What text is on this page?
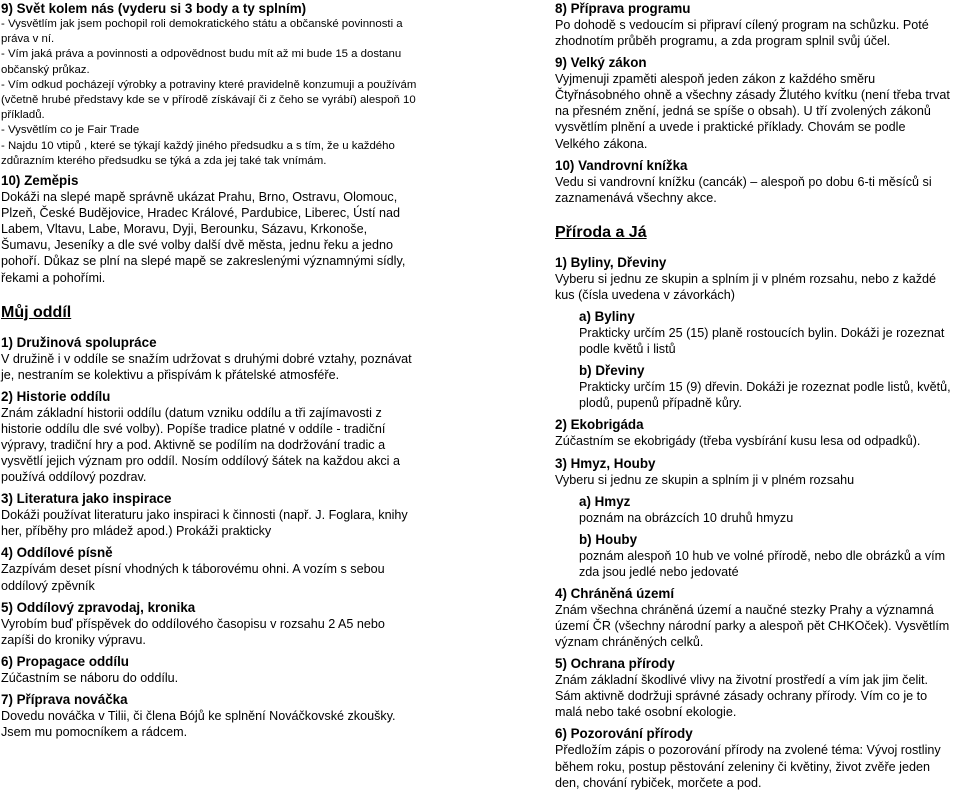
9) Svět kolem nás (vyderu si 3 body a ty splním)

- Vysvětlím jak jsem pochopil roli demokratického státu a občanské povinnosti a práva v ní.

- Vím jaká práva a povinnosti a odpovědnost budu mít až mi bude 15 a dostanu občanský průkaz.

- Vím odkud pocházejí výrobky a potraviny které pravidelně konzumuji a používám (včetně hrubé představy kde se v přírodě získávají či z čeho se vyrábí) alespoň 10 příkladů.

- Vysvětlím co je Fair Trade

- Najdu 10 vtipů , které se týkají každý jiného předsudku a s tím, že u každého zdůrazním kterého předsudku se týká a zda jej také tak vnímám.

10) Zeměpis

Dokáži na slepé mapě správně ukázat Prahu, Brno, Ostravu, Olomouc, Plzeň, České Budějovice, Hradec Králové, Pardubice, Liberec, Ústí nad Labem, Vltavu, Labe, Moravu, Dyji, Berounku, Sázavu, Krkonoše, Šumavu, Jeseníky a dle své volby další dvě města, jednu řeku a jedno pohoří. Důkaz se plní na slepé mapě se zakreslenými významnými sídly, řekami a pohořími.

Můj oddíl

1) Družinová spolupráce

V družině i v oddíle se snažím udržovat s druhými dobré vztahy, poznávat je, nestraním se kolektivu a přispívám k přátelské atmosféře.

2) Historie oddílu

Znám základní historii oddílu (datum vzniku oddílu a tři zajímavosti z historie oddílu dle své volby). Popíše tradice platné v oddíle - tradiční výpravy, tradiční hry a pod. Aktivně se podílím na dodržování tradic a vysvětlí jejich význam pro oddíl. Nosím oddílový šátek na každou akci a používá oddílový pozdrav.

3) Literatura jako inspirace

Dokáži používat literaturu jako inspiraci k činnosti (např. J. Foglara, knihy her, příběhy pro mládež apod.) Prokáži prakticky

4) Oddílové písně

Zazpívám deset písní vhodných k táborovému ohni. A vozím s sebou oddílový zpěvník

5) Oddílový zpravodaj, kronika

Vyrobím buď příspěvek do oddílového časopisu v rozsahu 2 A5 nebo zapíši do kroniky výpravu.

6) Propagace oddílu

Zúčastním se náboru do oddílu.

7) Příprava nováčka

Dovedu nováčka v Tilii, či člena Bójů ke splnění Nováčkovské zkoušky. Jsem mu pomocníkem a rádcem.

8) Příprava programu

Po dohodě s vedoucím si připraví cílený program na schůzku. Poté zhodnotím průběh programu, a zda program splnil svůj účel.

9) Velký zákon

Vyjmenuji zpaměti alespoň jeden zákon z každého směru Čtyřnásobného ohně a všechny zásady Žlutého kvítku (není třeba trvat na přesném znění, jedná se spíše o obsah). U tří zvolených zákonů vysvětlím plnění a uvede i praktické příklady. Chovám se podle Velkého zákona.

10) Vandrovní knížka

Vedu si vandrovní knížku (cancák) – alespoň po dobu 6-ti měsíců si zaznamenává všechny akce.

Příroda a Já

1) Byliny, Dřeviny

Vyberu si jednu ze skupin a splním ji v plném rozsahu, nebo z každé kus (čísla uvedena v závorkách)

a) Byliny

Prakticky určím 25 (15) planě rostoucích bylin. Dokáži je rozeznat podle květů i listů

b) Dřeviny

Prakticky určím 15 (9) dřevin. Dokáži je rozeznat podle listů, květů, plodů, pupenů případně kůry.

2) Ekobrigáda

Zúčastním se ekobrigády (třeba vysbírání kusu lesa od odpadků).

3) Hmyz, Houby

Vyberu si jednu ze skupin a splním ji v plném rozsahu

a) Hmyz

poznám na obrázcích 10 druhů hmyzu

b) Houby

poznám alespoň 10 hub ve volné přírodě, nebo dle obrázků a vím zda jsou jedlé nebo jedovaté

4) Chráněná území

Znám všechna chráněná území a naučné stezky Prahy a významná území ČR (všechny národní parky a alespoň pět CHKOček). Vysvětlím význam chráněných celků.

5) Ochrana přírody

Znám základní škodlivé vlivy na životní prostředí a vím jak jim čelit. Sám aktivně dodržuji správné zásady ochrany přírody. Vím co je to malá nebo také osobní ekologie.

6) Pozorování přírody

Předložím zápis o pozorování přírody na zvolené téma: Vývoj rostliny během roku, postup pěstování zeleniny či květiny, život zvěře jeden den, chování rybiček, morčete a pod.
